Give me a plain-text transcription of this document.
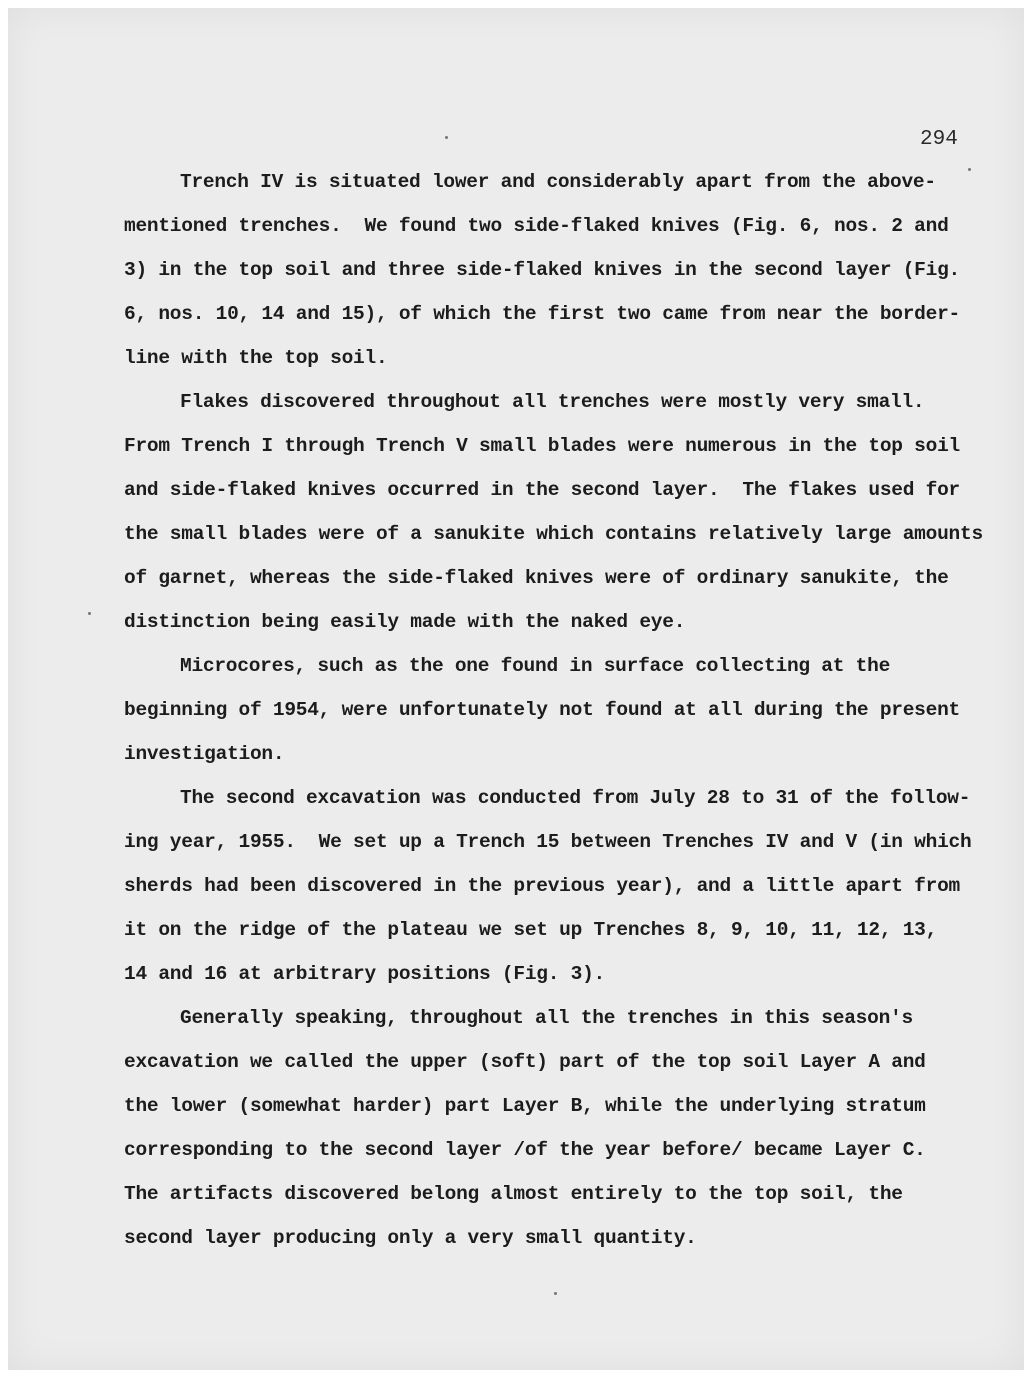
294
Trench IV is situated lower and considerably apart from the above-
mentioned trenches.  We found two side-flaked knives (Fig. 6, nos. 2 and
3) in the top soil and three side-flaked knives in the second layer (Fig.
6, nos. 10, 14 and 15), of which the first two came from near the border-
line with the top soil.
Flakes discovered throughout all trenches were mostly very small.
From Trench I through Trench V small blades were numerous in the top soil
and side-flaked knives occurred in the second layer.  The flakes used for
the small blades were of a sanukite which contains relatively large amounts
of garnet, whereas the side-flaked knives were of ordinary sanukite, the
distinction being easily made with the naked eye.
Microcores, such as the one found in surface collecting at the
beginning of 1954, were unfortunately not found at all during the present
investigation.
The second excavation was conducted from July 28 to 31 of the follow-
ing year, 1955.  We set up a Trench 15 between Trenches IV and V (in which
sherds had been discovered in the previous year), and a little apart from
it on the ridge of the plateau we set up Trenches 8, 9, 10, 11, 12, 13,
14 and 16 at arbitrary positions (Fig. 3).
Generally speaking, throughout all the trenches in this season's
excavation we called the upper (soft) part of the top soil Layer A and
the lower (somewhat harder) part Layer B, while the underlying stratum
corresponding to the second layer /of the year before/ became Layer C.
The artifacts discovered belong almost entirely to the top soil, the
second layer producing only a very small quantity.
